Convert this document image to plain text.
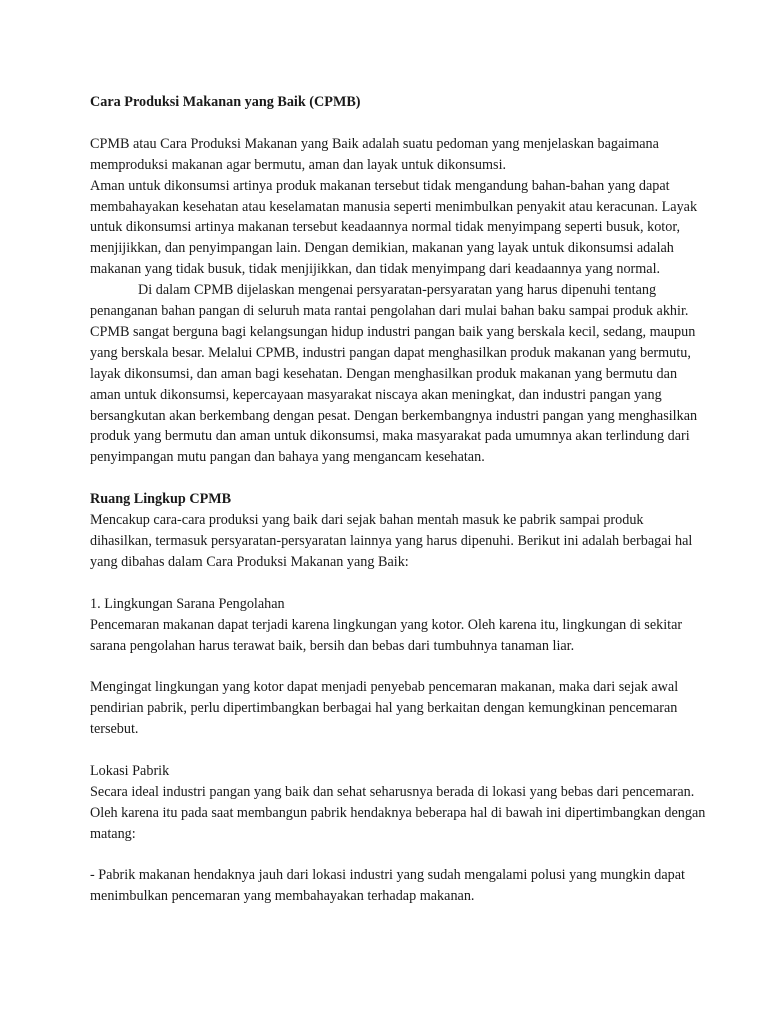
Cara Produksi Makanan yang Baik (CPMB)

CPMB atau Cara Produksi Makanan yang Baik adalah suatu pedoman yang menjelaskan bagaimana memproduksi makanan agar bermutu, aman dan layak untuk dikonsumsi.

Aman untuk dikonsumsi artinya produk makanan tersebut tidak mengandung bahan-bahan yang dapat membahayakan kesehatan atau keselamatan manusia seperti menimbulkan penyakit atau keracunan. Layak untuk dikonsumsi artinya makanan tersebut keadaannya normal tidak menyimpang seperti busuk, kotor, menjijikkan, dan penyimpangan lain. Dengan demikian, makanan yang layak untuk dikonsumsi adalah makanan yang tidak busuk, tidak menjijikkan, dan tidak menyimpang dari keadaannya yang normal.

Di dalam CPMB dijelaskan mengenai persyaratan-persyaratan yang harus dipenuhi tentang penanganan bahan pangan di seluruh mata rantai pengolahan dari mulai bahan baku sampai produk akhir. CPMB sangat berguna bagi kelangsungan hidup industri pangan baik yang berskala kecil, sedang, maupun yang berskala besar. Melalui CPMB, industri pangan dapat menghasilkan produk makanan yang bermutu, layak dikonsumsi, dan aman bagi kesehatan. Dengan menghasilkan produk makanan yang bermutu dan aman untuk dikonsumsi, kepercayaan masyarakat niscaya akan meningkat, dan industri pangan yang bersangkutan akan berkembang dengan pesat. Dengan berkembangnya industri pangan yang menghasilkan produk yang bermutu dan aman untuk dikonsumsi, maka masyarakat pada umumnya akan terlindung dari penyimpangan mutu pangan dan bahaya yang mengancam kesehatan.

Ruang Lingkup CPMB

Mencakup cara-cara produksi yang baik dari sejak bahan mentah masuk ke pabrik sampai produk dihasilkan, termasuk persyaratan-persyaratan lainnya yang harus dipenuhi. Berikut ini adalah berbagai hal yang dibahas dalam Cara Produksi Makanan yang Baik:

1. Lingkungan Sarana Pengolahan

Pencemaran makanan dapat terjadi karena lingkungan yang kotor. Oleh karena itu, lingkungan di sekitar sarana pengolahan harus terawat baik, bersih dan bebas dari tumbuhnya tanaman liar.

Mengingat lingkungan yang kotor dapat menjadi penyebab pencemaran makanan, maka dari sejak awal pendirian pabrik, perlu dipertimbangkan berbagai hal yang berkaitan dengan kemungkinan pencemaran tersebut.

Lokasi Pabrik

Secara ideal industri pangan yang baik dan sehat seharusnya berada di lokasi yang bebas dari pencemaran. Oleh karena itu pada saat membangun pabrik hendaknya beberapa hal di bawah ini dipertimbangkan dengan matang:

- Pabrik makanan hendaknya jauh dari lokasi industri yang sudah mengalami polusi yang mungkin dapat menimbulkan pencemaran yang membahayakan terhadap makanan.
